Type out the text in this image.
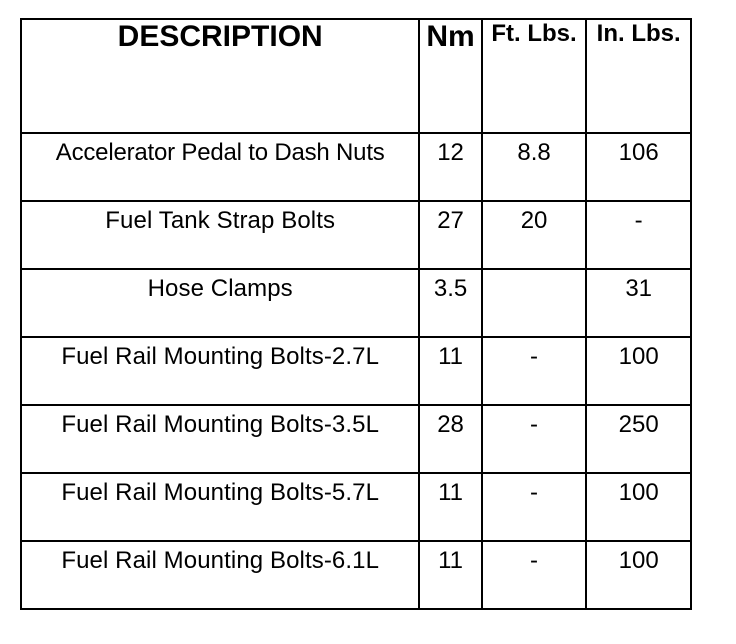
DESCRIPTION	Nm	Ft. Lbs.	In. Lbs.

Accelerator Pedal to Dash Nuts	12	8.8	106
Fuel Tank Strap Bolts	27	20	-
Hose Clamps	3.5		31
Fuel Rail Mounting Bolts-2.7L	11	-	100
Fuel Rail Mounting Bolts-3.5L	28	-	250
Fuel Rail Mounting Bolts-5.7L	11	-	100
Fuel Rail Mounting Bolts-6.1L	11	-	100
